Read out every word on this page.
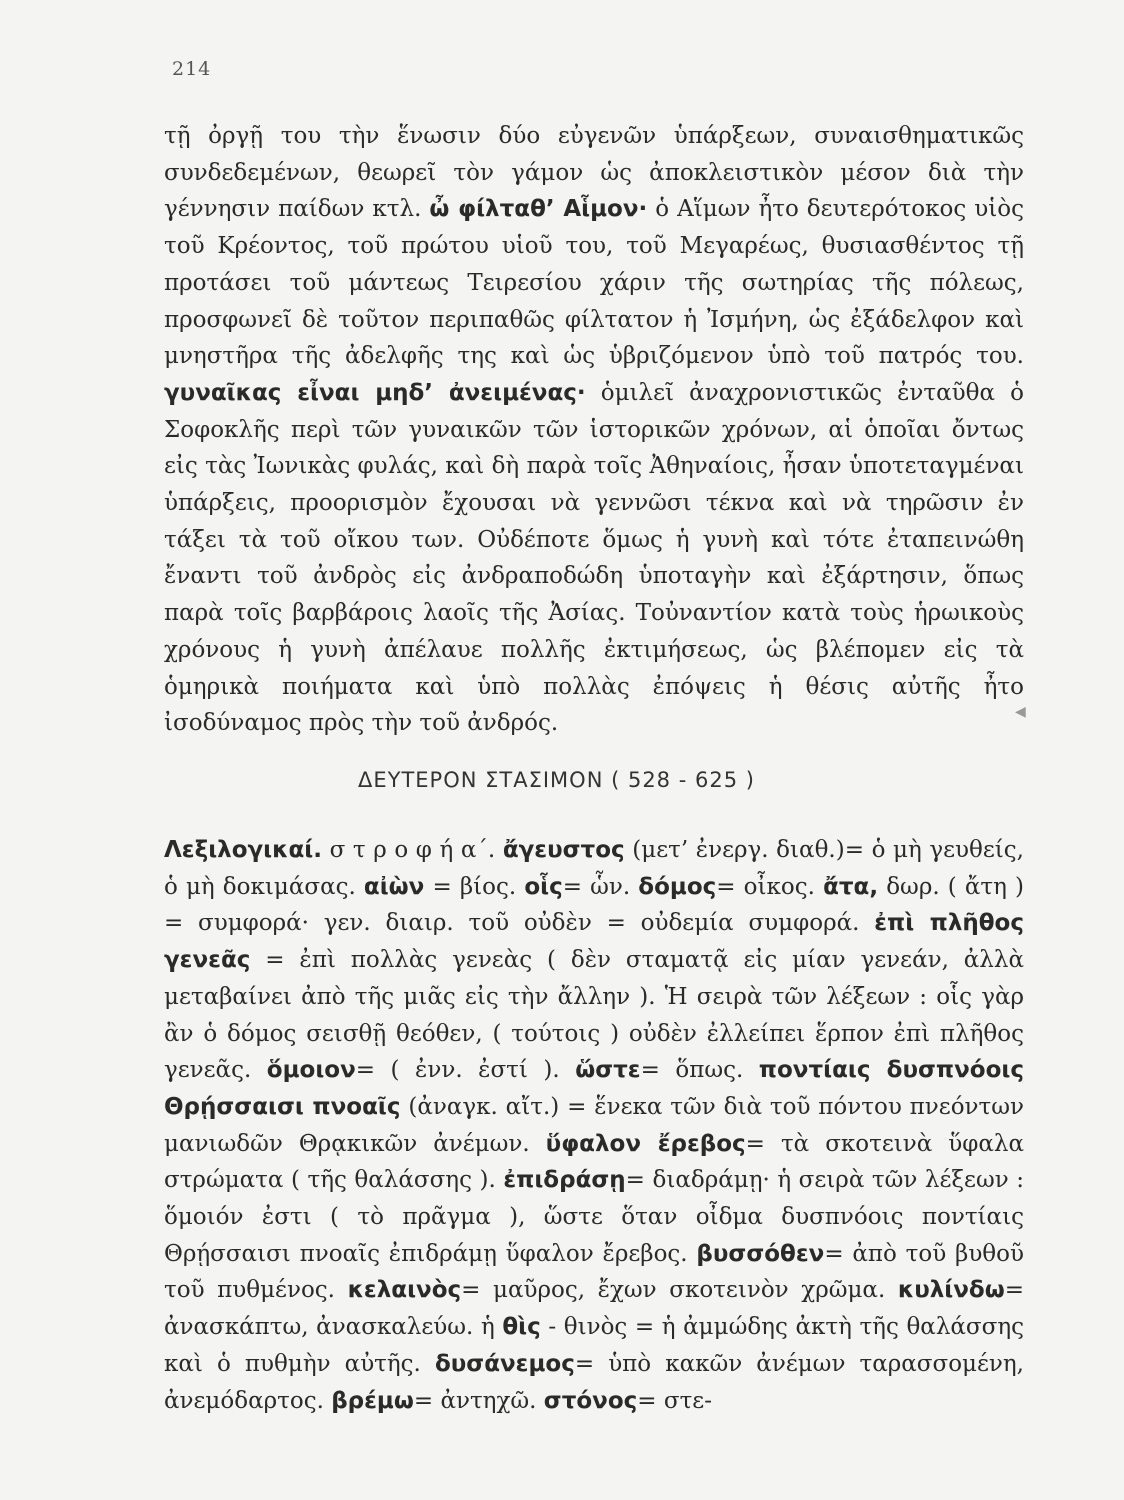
214

τῇ ὀργῇ του τὴν ἕνωσιν δύο εὐγενῶν ὑπάρξεων, συναισθηματικῶς συνδεδεμένων, θεωρεῖ τὸν γάμον ὡς ἀποκλειστικὸν μέσον διὰ τὴν γέννησιν παίδων κτλ. ὦ φίλταθ’ Αἷμον· ὁ Αἵμων ἦτο δευτερότοκος υἱὸς τοῦ Κρέοντος, τοῦ πρώτου υἱοῦ του, τοῦ Μεγαρέως, θυσιασθέντος τῇ προτάσει τοῦ μάντεως Τειρεσίου χάριν τῆς σωτηρίας τῆς πόλεως, προσφωνεῖ δὲ τοῦτον περιπαθῶς φίλτατον ἡ Ἰσμήνη, ὡς ἐξάδελφον καὶ μνηστῆρα τῆς ἀδελφῆς της καὶ ὡς ὑβριζόμενον ὑπὸ τοῦ πατρός του. γυναῖκας εἶναι μηδ’ ἀνειμένας· ὁμιλεῖ ἀναχρονιστικῶς ἐνταῦθα ὁ Σοφοκλῆς περὶ τῶν γυναικῶν τῶν ἱστορικῶν χρόνων, αἱ ὁποῖαι ὄντως εἰς τὰς Ἰωνικὰς φυλάς, καὶ δὴ παρὰ τοῖς Ἀθηναίοις, ἦσαν ὑποτεταγμέναι ὑπάρξεις, προορισμὸν ἔχουσαι νὰ γεννῶσι τέκνα καὶ νὰ τηρῶσιν ἐν τάξει τὰ τοῦ οἴκου των. Οὐδέποτε ὅμως ἡ γυνὴ καὶ τότε ἐταπεινώθη ἔναντι τοῦ ἀνδρὸς εἰς ἀνδραποδώδη ὑποταγὴν καὶ ἐξάρτησιν, ὅπως παρὰ τοῖς βαρβάροις λαοῖς τῆς Ἀσίας. Τοὐναντίον κατὰ τοὺς ἡρωικοὺς χρόνους ἡ γυνὴ ἀπέλαυε πολλῆς ἐκτιμήσεως, ὡς βλέπομεν εἰς τὰ ὁμηρικὰ ποιήματα καὶ ὑπὸ πολλὰς ἐπόψεις ἡ θέσις αὐτῆς ἦτο ἰσοδύναμος πρὸς τὴν τοῦ ἀνδρός.	◀
ΔΕΥΤΕΡΟΝ ΣΤΑΣΙΜΟΝ ( 528 - 625 )

Λεξιλογικαί. σ τ ρ ο φ ή α΄. ἄγευστος (μετ’ ἐνεργ. διαθ.)= ὁ μὴ γευθείς, ὁ μὴ δοκιμάσας. αἰὼν = βίος. οἷς= ὧν. δόμος= οἶκος. ἄτα, δωρ. ( ἄτη ) = συμφορά· γεν. διαιρ. τοῦ οὐδὲν = οὐδεμία συμφορά. ἐπὶ πλῆθος γενεᾶς = ἐπὶ πολλὰς γενεὰς ( δὲν σταματᾷ εἰς μίαν γενεάν, ἀλλὰ μεταβαίνει ἀπὸ τῆς μιᾶς εἰς τὴν ἄλλην ). Ἡ σειρὰ τῶν λέξεων : οἷς γὰρ ἂν ὁ δόμος σεισθῇ θεόθεν, ( τούτοις ) οὐδὲν ἐλλείπει ἕρπον ἐπὶ πλῆθος γενεᾶς. ὅμοιον= ( ἐνν. ἐστί ). ὥστε= ὅπως. ποντίαις δυσπνόοις Θρῄσσαισι πνοαῖς (ἀναγκ. αἴτ.) = ἕνεκα τῶν διὰ τοῦ πόντου πνεόντων μανιωδῶν Θρᾳκικῶν ἀνέμων. ὕφαλον ἔρεβος= τὰ σκοτεινὰ ὕφαλα στρώματα ( τῆς θαλάσσης ). ἐπιδράσῃ= διαδράμῃ· ἡ σειρὰ τῶν λέξεων : ὅμοιόν ἐστι ( τὸ πρᾶγμα ), ὥστε ὅταν οἶδμα δυσπνόοις ποντίαις Θρῄσσαισι πνοαῖς ἐπιδράμῃ ὕφαλον ἔρεβος. βυσσόθεν= ἀπὸ τοῦ βυθοῦ τοῦ πυθμένος. κελαινὸς= μαῦρος, ἔχων σκοτεινὸν χρῶμα. κυλίνδω= ἀνασκάπτω, ἀνασκαλεύω. ἡ θὶς - θινὸς = ἡ ἀμμώδης ἀκτὴ τῆς θαλάσσης καὶ ὁ πυθμὴν αὐτῆς. δυσάνεμος= ὑπὸ κακῶν ἀνέμων ταρασσομένη, ἀνεμόδαρτος. βρέμω= ἀντηχῶ. στόνος= στε-
